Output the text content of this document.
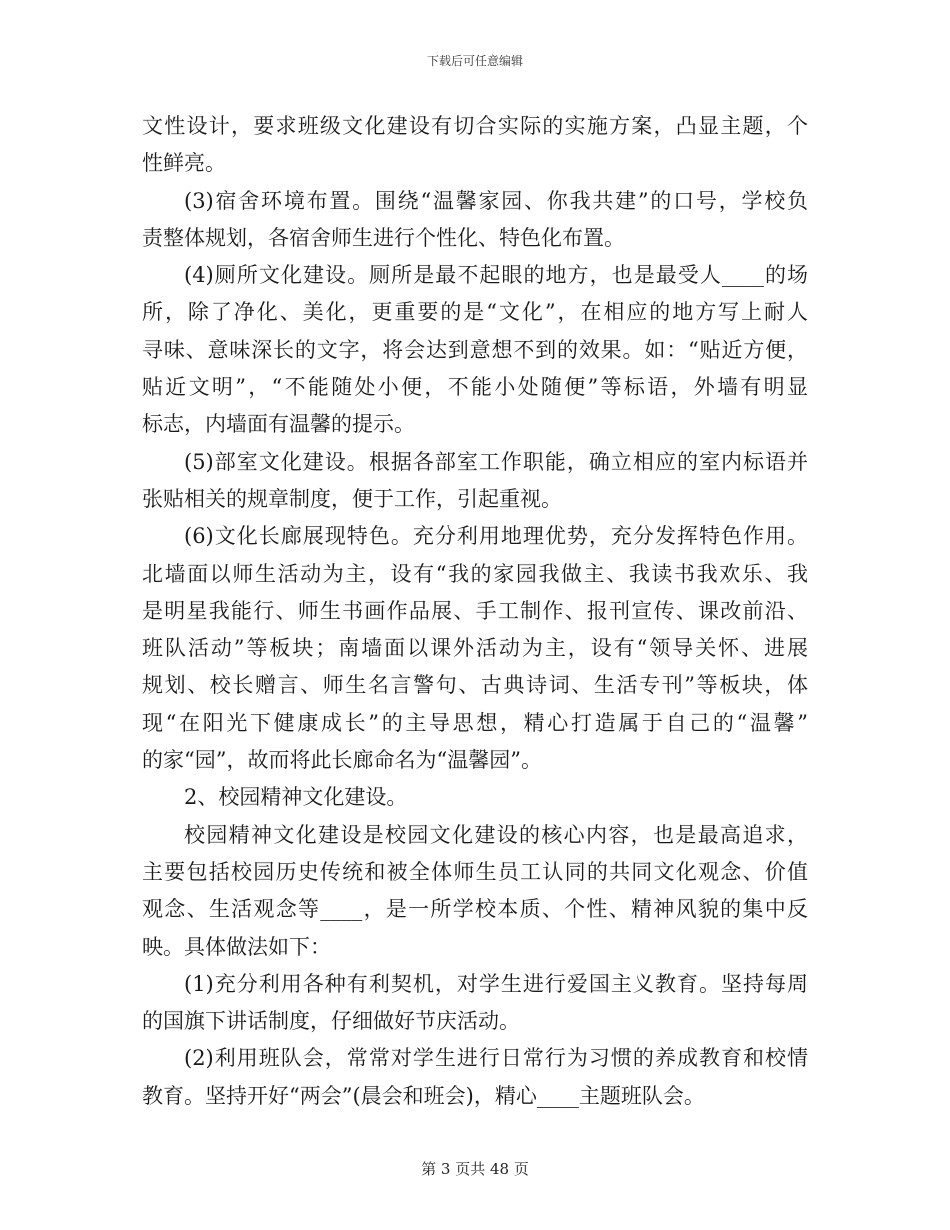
下载后可任意编辑
文性设计，要求班级文化建设有切合实际的实施方案，凸显主题，个
性鲜亮。
(3)宿舍环境布置。围绕“温馨家园、你我共建”的口号，学校负
责整体规划，各宿舍师生进行个性化、特色化布置。
(4)厕所文化建设。厕所是最不起眼的地方，也是最受人____的场
所，除了净化、美化，更重要的是“文化”，在相应的地方写上耐人
寻味、意味深长的文字，将会达到意想不到的效果。如：“贴近方便，
贴近文明”，“不能随处小便，不能小处随便”等标语，外墙有明显
标志，内墙面有温馨的提示。
(5)部室文化建设。根据各部室工作职能，确立相应的室内标语并
张贴相关的规章制度，便于工作，引起重视。
(6)文化长廊展现特色。充分利用地理优势，充分发挥特色作用。
北墙面以师生活动为主，设有“我的家园我做主、我读书我欢乐、我
是明星我能行、师生书画作品展、手工制作、报刊宣传、课改前沿、
班队活动”等板块；南墙面以课外活动为主，设有“领导关怀、进展
规划、校长赠言、师生名言警句、古典诗词、生活专刊”等板块，体
现“在阳光下健康成长”的主导思想，精心打造属于自己的“温馨”
的家“园”，故而将此长廊命名为“温馨园”。
2、校园精神文化建设。
校园精神文化建设是校园文化建设的核心内容，也是最高追求，
主要包括校园历史传统和被全体师生员工认同的共同文化观念、价值
观念、生活观念等____，是一所学校本质、个性、精神风貌的集中反
映。具体做法如下：
(1)充分利用各种有利契机，对学生进行爱国主义教育。坚持每周
的国旗下讲话制度，仔细做好节庆活动。
(2)利用班队会，常常对学生进行日常行为习惯的养成教育和校情
教育。坚持开好“两会”(晨会和班会)，精心____主题班队会。
第 3 页共 48 页
